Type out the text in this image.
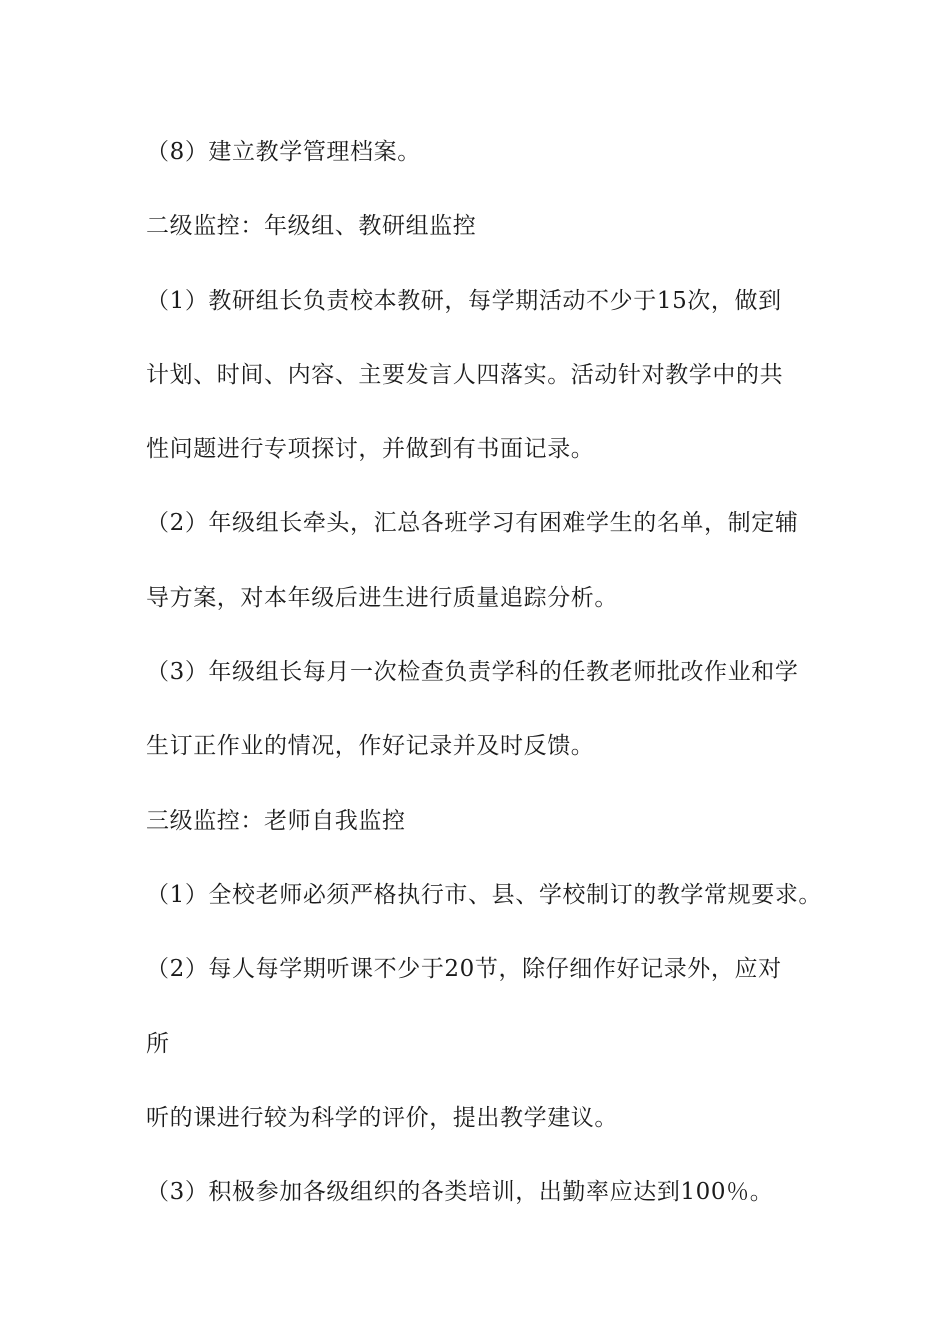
（8）建立教学管理档案。

二级监控：年级组、教研组监控

（1）教研组长负责校本教研，每学期活动不少于15次，做到

计划、时间、内容、主要发言人四落实。活动针对教学中的共

性问题进行专项探讨，并做到有书面记录。

（2）年级组长牵头，汇总各班学习有困难学生的名单，制定辅

导方案，对本年级后进生进行质量追踪分析。

（3）年级组长每月一次检查负责学科的任教老师批改作业和学

生订正作业的情况，作好记录并及时反馈。

三级监控：老师自我监控

（1）全校老师必须严格执行市、县、学校制订的教学常规要求。

（2）每人每学期听课不少于20节，除仔细作好记录外，应对

所

听的课进行较为科学的评价，提出教学建议。

（3）积极参加各级组织的各类培训，出勤率应达到100％。
